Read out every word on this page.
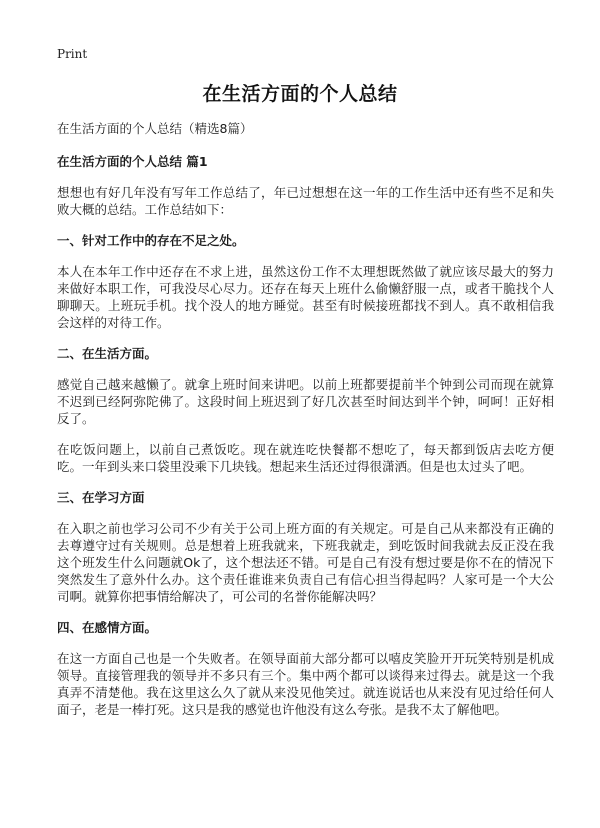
Print
在生活方面的个人总结

在生活方面的个人总结（精选8篇）

在生活方面的个人总结 篇1

想想也有好几年没有写年工作总结了，年已过想想在这一年的工作生活中还有些不足和失败大概的总结。工作总结如下：

一、针对工作中的存在不足之处。

本人在本年工作中还存在不求上进，虽然这份工作不太理想既然做了就应该尽最大的努力来做好本职工作，可我没尽心尽力。还存在每天上班什么偷懒舒服一点，或者干脆找个人聊聊天。上班玩手机。找个没人的地方睡觉。甚至有时候接班都找不到人。真不敢相信我会这样的对待工作。

二、在生活方面。

感觉自己越来越懒了。就拿上班时间来讲吧。以前上班都要提前半个钟到公司而现在就算不迟到已经阿弥陀佛了。这段时间上班迟到了好几次甚至时间达到半个钟，呵呵！正好相反了。

在吃饭问题上，以前自己煮饭吃。现在就连吃快餐都不想吃了，每天都到饭店去吃方便吃。一年到头来口袋里没乘下几块钱。想起来生活还过得很潇洒。但是也太过头了吧。

三、在学习方面

在入职之前也学习公司不少有关于公司上班方面的有关规定。可是自己从来都没有正确的去尊遵守过有关规则。总是想着上班我就来，下班我就走，到吃饭时间我就去反正没在我这个班发生什么问题就Ok了，这个想法还不错。可是自己有没有想过要是你不在的情况下突然发生了意外什么办。这个责任谁谁来负责自己有信心担当得起吗？人家可是一个大公司啊。就算你把事情给解决了，可公司的名誉你能解决吗？

四、在感情方面。

在这一方面自己也是一个失败者。在领导面前大部分都可以嘻皮笑脸开开玩笑特别是机成领导。直接管理我的领导并不多只有三个。集中两个都可以谈得来过得去。就是这一个我真弄不清楚他。我在这里这么久了就从来没见他笑过。就连说话也从来没有见过给任何人面子，老是一棒打死。这只是我的感觉也许他没有这么夸张。是我不太了解他吧。
